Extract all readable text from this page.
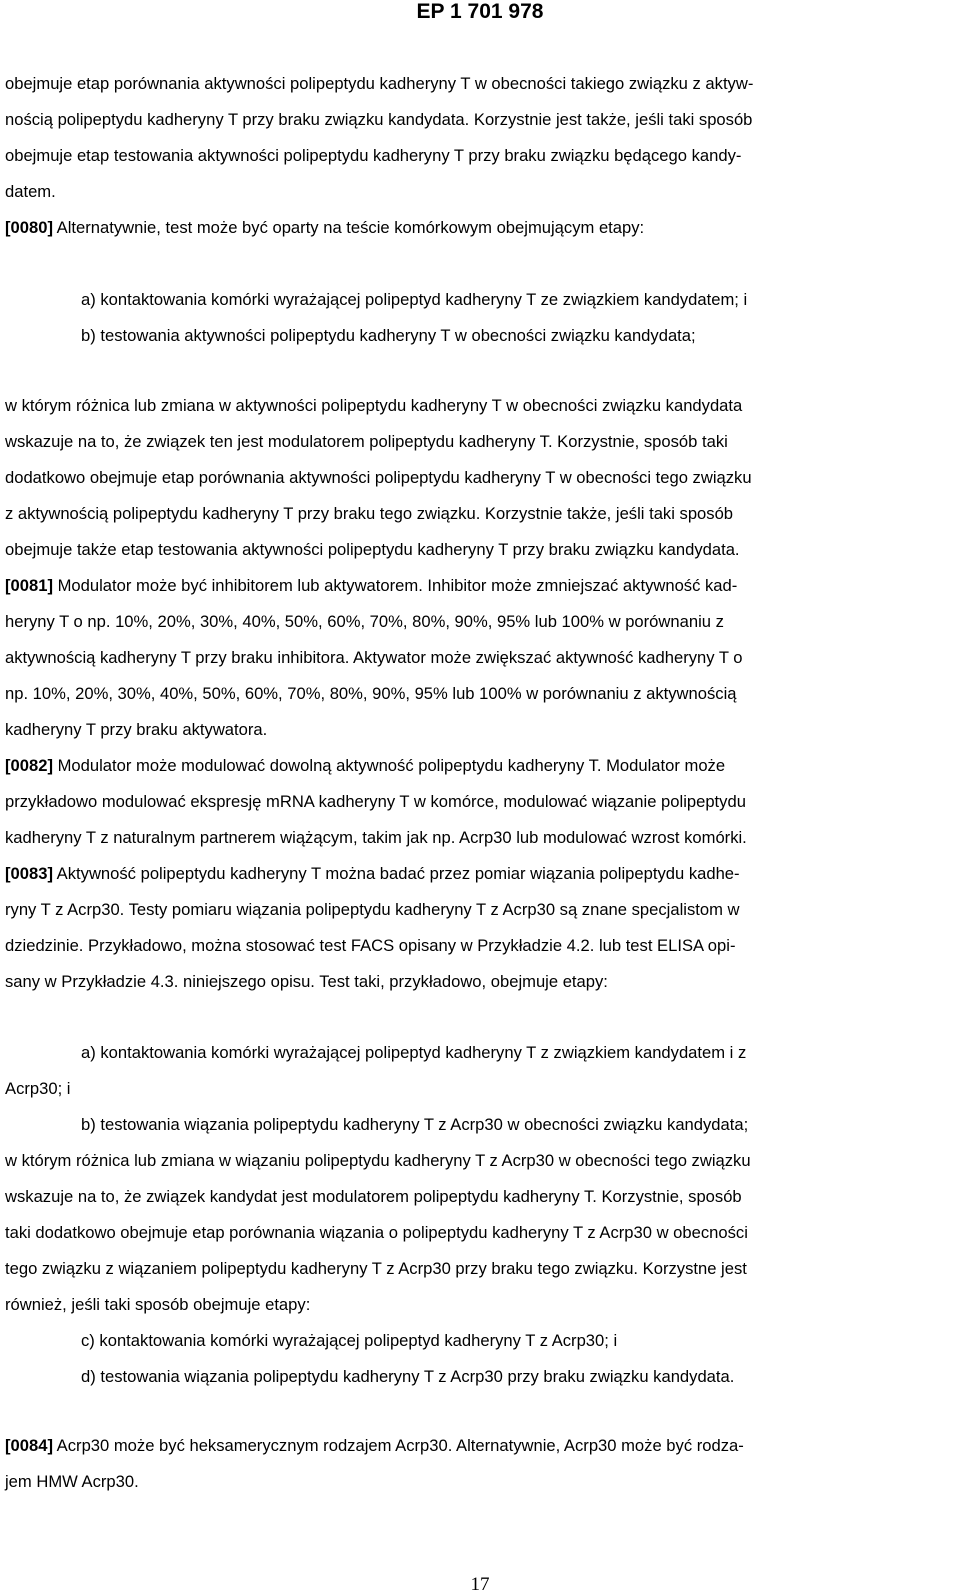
EP 1 701 978
obejmuje etap porównania aktywności polipeptydu kadheryny T w obecności takiego związku z aktyw-
nością polipeptydu kadheryny T przy braku związku kandydata. Korzystnie jest także, jeśli taki sposób
obejmuje etap testowania aktywności polipeptydu kadheryny T przy braku związku będącego kandy-
datem.
[0080] Alternatywnie, test może być oparty na teście komórkowym obejmującym etapy:
a) kontaktowania komórki wyrażającej polipeptyd kadheryny T ze związkiem kandydatem; i
b) testowania aktywności polipeptydu kadheryny T w obecności związku kandydata;
w którym różnica lub zmiana w aktywności polipeptydu kadheryny T w obecności związku kandydata
wskazuje na to, że związek ten jest modulatorem polipeptydu kadheryny T. Korzystnie, sposób taki
dodatkowo obejmuje etap porównania aktywności polipeptydu kadheryny T w obecności tego związku
z aktywnością polipeptydu kadheryny T przy braku tego związku. Korzystnie także, jeśli taki sposób
obejmuje także etap testowania aktywności polipeptydu kadheryny T przy braku związku kandydata.
[0081] Modulator może być inhibitorem lub aktywatorem. Inhibitor może zmniejszać aktywność kad-
heryny T o np. 10%, 20%, 30%, 40%, 50%, 60%, 70%, 80%, 90%, 95% lub 100% w porównaniu z
aktywnością kadheryny T przy braku inhibitora. Aktywator może zwiększać aktywność kadheryny T o
np. 10%, 20%, 30%, 40%, 50%, 60%, 70%, 80%, 90%, 95% lub 100% w porównaniu z aktywnością
kadheryny T przy braku aktywatora.
[0082] Modulator może modulować dowolną aktywność polipeptydu kadheryny T. Modulator może
przykładowo modulować ekspresję mRNA kadheryny T w komórce, modulować wiązanie polipeptydu
kadheryny T z naturalnym partnerem wiążącym, takim jak np. Acrp30 lub modulować wzrost komórki.
[0083] Aktywność polipeptydu kadheryny T można badać przez pomiar wiązania polipeptydu kadhe-
ryny T z Acrp30. Testy pomiaru wiązania polipeptydu kadheryny T z Acrp30 są znane specjalistom w
dziedzinie. Przykładowo, można stosować test FACS opisany w Przykładzie 4.2. lub test ELISA opi-
sany w Przykładzie 4.3. niniejszego opisu. Test taki, przykładowo, obejmuje etapy:
a) kontaktowania komórki wyrażającej polipeptyd kadheryny T z związkiem kandydatem i z
Acrp30; i
b) testowania wiązania polipeptydu kadheryny T z Acrp30 w obecności związku kandydata;
w którym różnica lub zmiana w wiązaniu polipeptydu kadheryny T z Acrp30 w obecności tego związku
wskazuje na to, że związek kandydat jest modulatorem polipeptydu kadheryny T. Korzystnie, sposób
taki dodatkowo obejmuje etap porównania wiązania o polipeptydu kadheryny T z Acrp30 w obecności
tego związku z wiązaniem polipeptydu kadheryny T z Acrp30 przy braku tego związku. Korzystne jest
również, jeśli taki sposób obejmuje etapy:
c) kontaktowania komórki wyrażającej polipeptyd kadheryny T z Acrp30; i
d) testowania wiązania polipeptydu kadheryny T z Acrp30 przy braku związku kandydata.
[0084] Acrp30 może być heksamerycznym rodzajem Acrp30. Alternatywnie, Acrp30 może być rodza-
jem HMW Acrp30.
17
